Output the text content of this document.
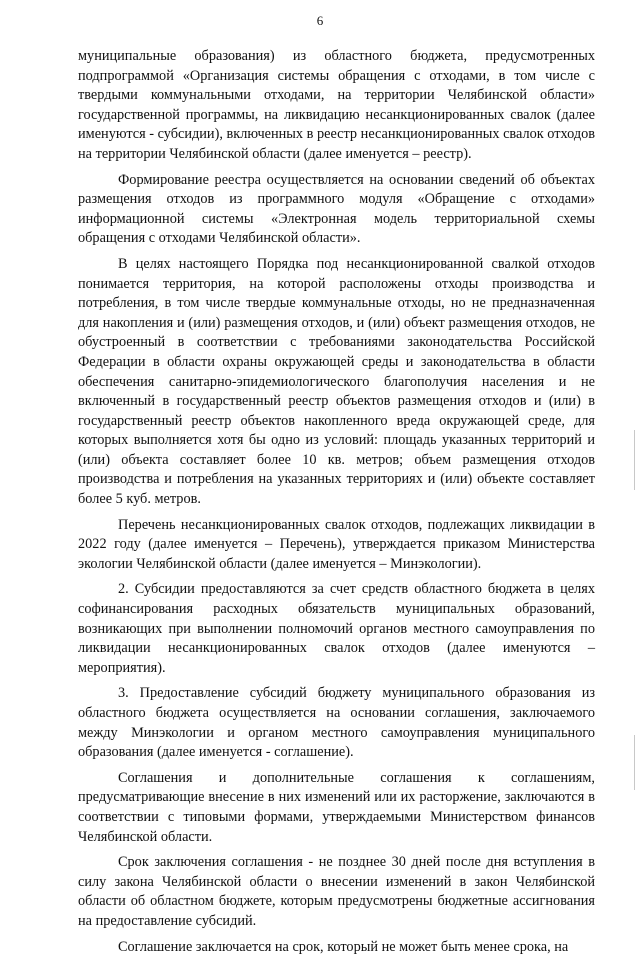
6

муниципальные образования) из областного бюджета, предусмотренных подпрограммой «Организация системы обращения с отходами, в том числе с твердыми коммунальными отходами, на территории Челябинской области» государственной программы, на ликвидацию несанкционированных свалок (далее именуются - субсидии), включенных в реестр несанкционированных свалок отходов на территории Челябинской области (далее именуется – реестр).

Формирование реестра осуществляется на основании сведений об объектах размещения отходов из программного модуля «Обращение с отходами» информационной системы «Электронная модель территориальной схемы обращения с отходами Челябинской области».

В целях настоящего Порядка под несанкционированной свалкой отходов понимается территория, на которой расположены отходы производства и потребления, в том числе твердые коммунальные отходы, но не предназначенная для накопления и (или) размещения отходов, и (или) объект размещения отходов, не обустроенный в соответствии с требованиями законодательства Российской Федерации в области охраны окружающей среды и законодательства в области обеспечения санитарно-эпидемиологического благополучия населения и не включенный в государственный реестр объектов размещения отходов и (или) в государственный реестр объектов накопленного вреда окружающей среде, для которых выполняется хотя бы одно из условий: площадь указанных территорий и (или) объекта составляет более 10 кв. метров; объем размещения отходов производства и потребления на указанных территориях и (или) объекте составляет более 5 куб. метров.

Перечень несанкционированных свалок отходов, подлежащих ликвидации в 2022 году (далее именуется – Перечень), утверждается приказом Министерства экологии Челябинской области (далее именуется – Минэкологии).

2. Субсидии предоставляются за счет средств областного бюджета в целях софинансирования расходных обязательств муниципальных образований, возникающих при выполнении полномочий органов местного самоуправления по ликвидации несанкционированных свалок отходов (далее именуются – мероприятия).

3. Предоставление субсидий бюджету муниципального образования из областного бюджета осуществляется на основании соглашения, заключаемого между Минэкологии и органом местного самоуправления муниципального образования (далее именуется - соглашение).

Соглашения и дополнительные соглашения к соглашениям, предусматривающие внесение в них изменений или их расторжение, заключаются в соответствии с типовыми формами, утверждаемыми Министерством финансов Челябинской области.

Срок заключения соглашения - не позднее 30 дней после дня вступления в силу закона Челябинской области о внесении изменений в закон Челябинской области об областном бюджете, которым предусмотрены бюджетные ассигнования на предоставление субсидий.

Соглашение заключается на срок, который не может быть менее срока, на
